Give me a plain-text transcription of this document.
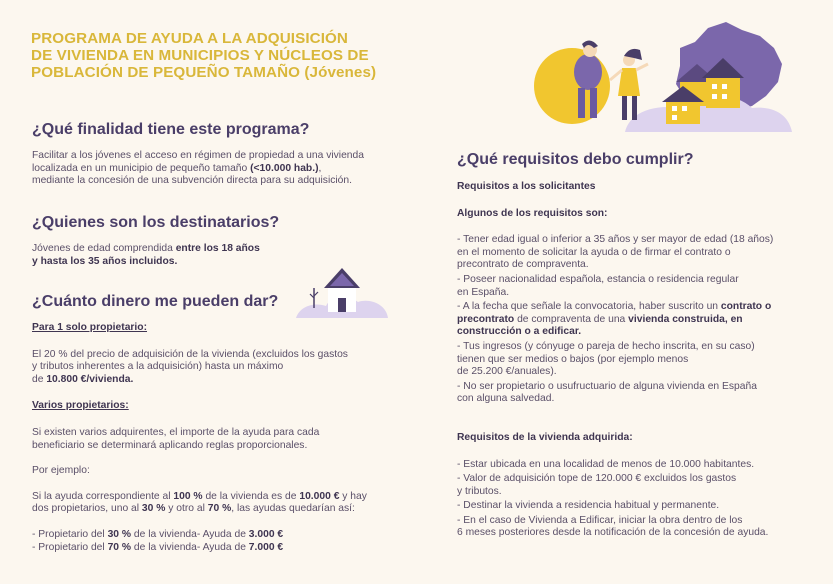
PROGRAMA DE AYUDA A LA ADQUISICIÓN
DE VIVIENDA EN MUNICIPIOS Y NÚCLEOS DE
POBLACIÓN DE PEQUEÑO TAMAÑO (Jóvenes)
¿Qué finalidad tiene este programa?
Facilitar a los jóvenes el acceso en régimen de propiedad a una vivienda
localizada en un municipio de pequeño tamaño (<10.000 hab.),
mediante la concesión de una subvención directa para su adquisición.
¿Quienes son los destinatarios?
Jóvenes de edad comprendida entre los 18 años
y hasta los 35 años incluidos.
¿Cuánto dinero me pueden dar?
Para 1 solo propietario:
El 20 % del precio de adquisición de la vivienda (excluidos los gastos
y tributos inherentes a la adquisición) hasta un máximo
de 10.800 €/vivienda.
Varios propietarios:
Si existen varios adquirentes, el importe de la ayuda para cada
beneficiario se determinará aplicando reglas proporcionales.
Por ejemplo:
Si la ayuda correspondiente al 100 % de la vivienda es de 10.000 € y hay
dos propietarios, uno al 30 % y otro al 70 %, las ayudas quedarían así:
- Propietario del 30 % de la vivienda- Ayuda de 3.000 €
- Propietario del 70 % de la vivienda- Ayuda de 7.000 €
¿Qué requisitos debo cumplir?
Requisitos a los solicitantes
Algunos de los requisitos son:
- Tener edad igual o inferior a 35 años y ser mayor de edad (18 años)
en el momento de solicitar la ayuda o de firmar el contrato o
precontrato de compraventa.
- Poseer nacionalidad española, estancia o residencia regular
en España.
- A la fecha que señale la convocatoria, haber suscrito un contrato o
precontrato de compraventa de una vivienda construida, en
construcción o a edificar.
- Tus ingresos (y cónyuge o pareja de hecho inscrita, en su caso)
tienen que ser medios o bajos (por ejemplo menos
de 25.200 €/anuales).
- No ser propietario o usufructuario de alguna vivienda en España
con alguna salvedad.
Requisitos de la vivienda adquirida:
- Estar ubicada en una localidad de menos de 10.000 habitantes.
- Valor de adquisición tope de 120.000 € excluidos los gastos
y tributos.
- Destinar la vivienda a residencia habitual y permanente.
- En el caso de Vivienda a Edificar, iniciar la obra dentro de los
6 meses posteriores desde la notificación de la concesión de ayuda.
